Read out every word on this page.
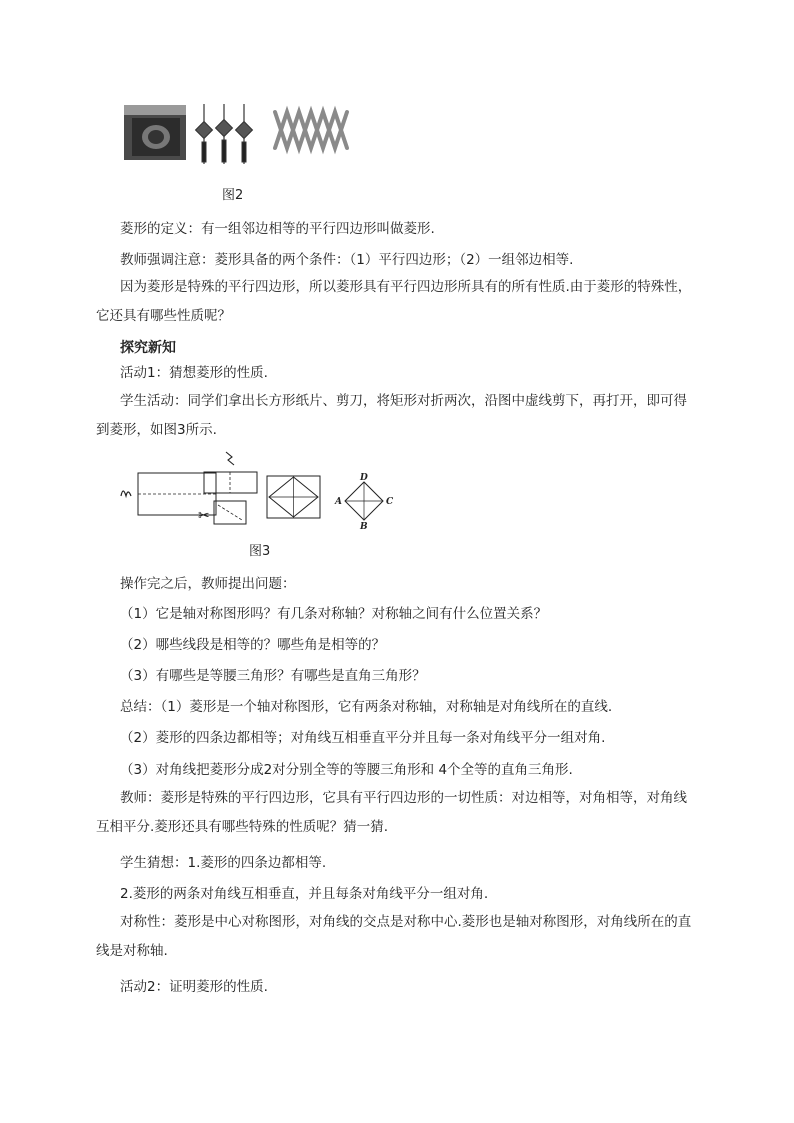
图2
菱形的定义：有一组邻边相等的平行四边形叫做菱形.
教师强调注意：菱形具备的两个条件：（1）平行四边形；（2）一组邻边相等.
因为菱形是特殊的平行四边形，所以菱形具有平行四边形所具有的所有性质.由于菱形的特殊性，它还具有哪些性质呢？
探究新知
活动1：猜想菱形的性质.
学生活动：同学们拿出长方形纸片、剪刀，将矩形对折两次，沿图中虚线剪下，再打开，即可得到菱形，如图3所示.
✂
D
A	C
B
图3
操作完之后，教师提出问题：
（1）它是轴对称图形吗？有几条对称轴？对称轴之间有什么位置关系？
（2）哪些线段是相等的？哪些角是相等的？
（3）有哪些是等腰三角形？有哪些是直角三角形？
总结：（1）菱形是一个轴对称图形，它有两条对称轴，对称轴是对角线所在的直线.
（2）菱形的四条边都相等；对角线互相垂直平分并且每一条对角线平分一组对角.
（3）对角线把菱形分成2对分别全等的等腰三角形和 4个全等的直角三角形.
教师：菱形是特殊的平行四边形，它具有平行四边形的一切性质：对边相等，对角相等，对角线互相平分.菱形还具有哪些特殊的性质呢？猜一猜.
学生猜想：1.菱形的四条边都相等.
2.菱形的两条对角线互相垂直，并且每条对角线平分一组对角.
对称性：菱形是中心对称图形，对角线的交点是对称中心.菱形也是轴对称图形，对角线所在的直线是对称轴.
活动2：证明菱形的性质.
